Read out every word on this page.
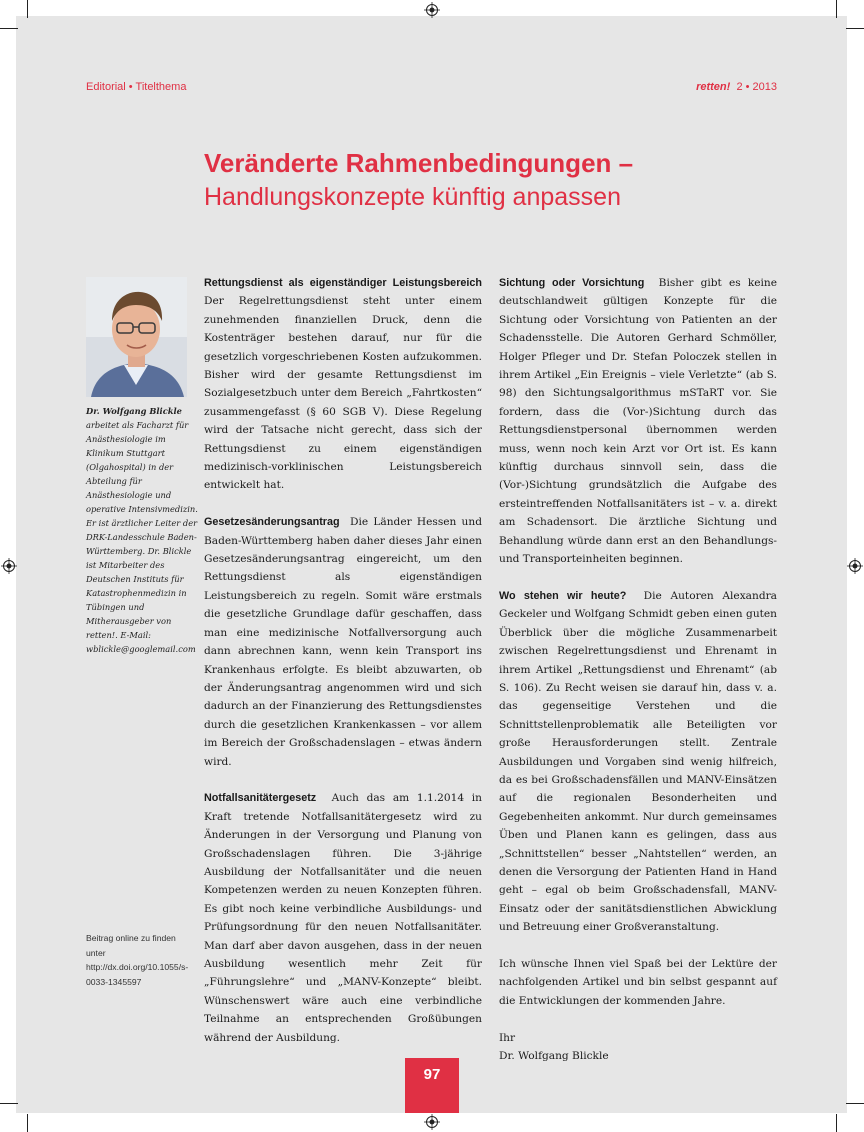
Editorial • Titelthema	retten! 2 • 2013
Veränderte Rahmenbedingungen –
Handlungskonzepte künftig anpassen
Dr. Wolfgang Blickle arbeitet als Facharzt für Anästhesiologie im Klinikum Stuttgart (Olgahospital) in der Abteilung für Anästhesiologie und operative Intensivmedizin. Er ist ärztlicher Leiter der DRK-Landesschule Baden-Württemberg. Dr. Blickle ist Mitarbeiter des Deutschen Instituts für Katastrophenmedizin in Tübingen und Mitherausgeber von retten!. E-Mail: wblickle@googlemail.com
Beitrag online zu finden unter http://dx.doi.org/10.1055/s-0033-1345597

Rettungsdienst als eigenständiger Leistungsbereich Der Regelrettungsdienst steht unter einem zunehmenden finanziellen Druck, denn die Kostenträger bestehen darauf, nur für die gesetzlich vorgeschriebenen Kosten aufzukommen. Bisher wird der gesamte Rettungsdienst im Sozialgesetzbuch unter dem Bereich „Fahrtkosten“ zusammengefasst (§ 60 SGB V). Diese Regelung wird der Tatsache nicht gerecht, dass sich der Rettungsdienst zu einem eigenständigen medizinisch-vorklinischen Leistungsbereich entwickelt hat.

Gesetzesänderungsantrag Die Länder Hessen und Baden-Württemberg haben daher dieses Jahr einen Gesetzesänderungsantrag eingereicht, um den Rettungsdienst als eigenständigen Leistungsbereich zu regeln. Somit wäre erstmals die gesetzliche Grundlage dafür geschaffen, dass man eine medizinische Notfallversorgung auch dann abrechnen kann, wenn kein Transport ins Krankenhaus erfolgte. Es bleibt abzuwarten, ob der Änderungsantrag angenommen wird und sich dadurch an der Finanzierung des Rettungsdienstes durch die gesetzlichen Krankenkassen – vor allem im Bereich der Großschadenslagen – etwas ändern wird.

Notfallsanitätergesetz Auch das am 1.1.2014 in Kraft tretende Notfallsanitätergesetz wird zu Änderungen in der Versorgung und Planung von Großschadenslagen führen. Die 3-jährige Ausbildung der Notfallsanitäter und die neuen Kompetenzen werden zu neuen Konzepten führen. Es gibt noch keine verbindliche Ausbildungs- und Prüfungsordnung für den neuen Notfallsanitäter. Man darf aber davon ausgehen, dass in der neuen Ausbildung wesentlich mehr Zeit für „Führungslehre“ und „MANV-Konzepte“ bleibt. Wünschenswert wäre auch eine verbindliche Teilnahme an entsprechenden Großübungen während der Ausbildung.

Sichtung oder Vorsichtung Bisher gibt es keine deutschlandweit gültigen Konzepte für die Sichtung oder Vorsichtung von Patienten an der Schadensstelle. Die Autoren Gerhard Schmöller, Holger Pfleger und Dr. Stefan Poloczek stellen in ihrem Artikel „Ein Ereignis – viele Verletzte“ (ab S. 98) den Sichtungsalgorithmus mSTaRT vor. Sie fordern, dass die (Vor-)Sichtung durch das Rettungsdienstpersonal übernommen werden muss, wenn noch kein Arzt vor Ort ist. Es kann künftig durchaus sinnvoll sein, dass die (Vor-)Sichtung grundsätzlich die Aufgabe des ersteintreffenden Notfallsanitäters ist – v. a. direkt am Schadensort. Die ärztliche Sichtung und Behandlung würde dann erst an den Behandlungs- und Transporteinheiten beginnen.

Wo stehen wir heute? Die Autoren Alexandra Geckeler und Wolfgang Schmidt geben einen guten Überblick über die mögliche Zusammenarbeit zwischen Regelrettungsdienst und Ehrenamt in ihrem Artikel „Rettungsdienst und Ehrenamt“ (ab S. 106). Zu Recht weisen sie darauf hin, dass v. a. das gegenseitige Verstehen und die Schnittstellenproblematik alle Beteiligten vor große Herausforderungen stellt. Zentrale Ausbildungen und Vorgaben sind wenig hilfreich, da es bei Großschadensfällen und MANV-Einsätzen auf die regionalen Besonderheiten und Gegebenheiten ankommt. Nur durch gemeinsames Üben und Planen kann es gelingen, dass aus „Schnittstellen“ besser „Nahtstellen“ werden, an denen die Versorgung der Patienten Hand in Hand geht – egal ob beim Großschadensfall, MANV-Einsatz oder der sanitätsdienstlichen Abwicklung und Betreuung einer Großveranstaltung.

Ich wünsche Ihnen viel Spaß bei der Lektüre der nachfolgenden Artikel und bin selbst gespannt auf die Entwicklungen der kommenden Jahre.

Ihr

Dr. Wolfgang Blickle

97
